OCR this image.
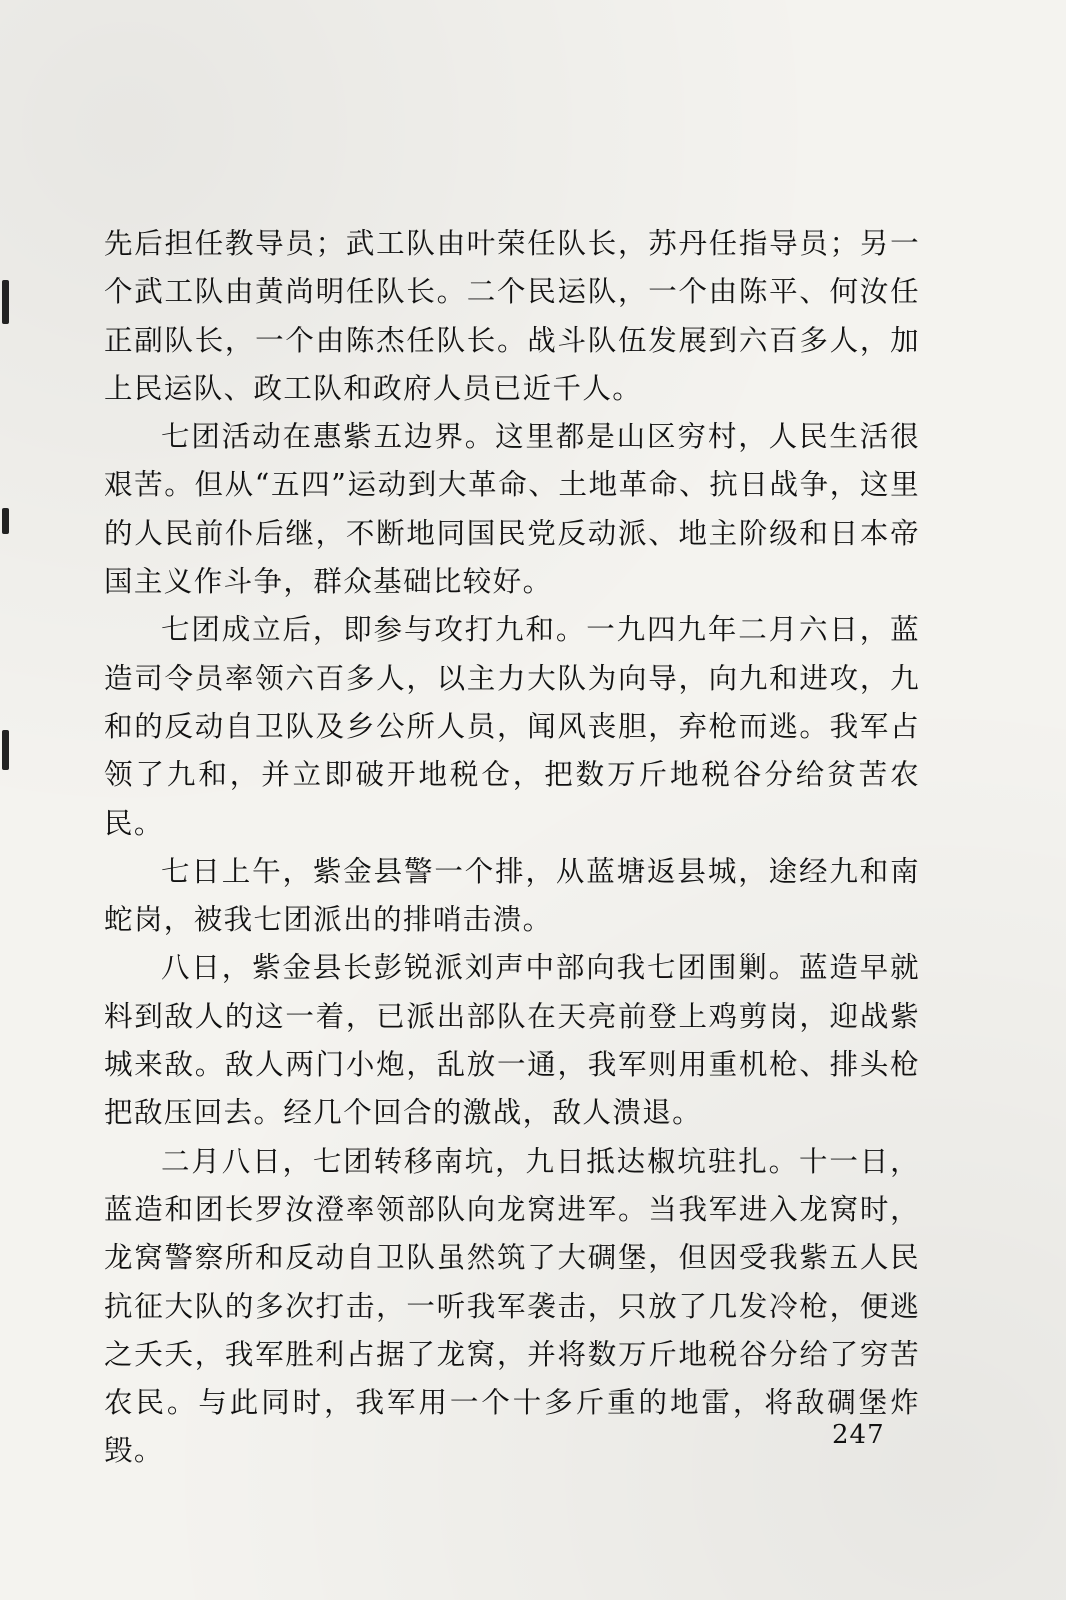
先后担任教导员；武工队由叶荣任队长，苏丹任指导员；另一个武工队由黄尚明任队长。二个民运队，一个由陈平、何汝任正副队长，一个由陈杰任队长。战斗队伍发展到六百多人，加上民运队、政工队和政府人员已近千人。

七团活动在惠紫五边界。这里都是山区穷村，人民生活很艰苦。但从“五四”运动到大革命、土地革命、抗日战争，这里的人民前仆后继，不断地同国民党反动派、地主阶级和日本帝国主义作斗争，群众基础比较好。

七团成立后，即参与攻打九和。一九四九年二月六日，蓝造司令员率领六百多人，以主力大队为向导，向九和进攻，九和的反动自卫队及乡公所人员，闻风丧胆，弃枪而逃。我军占领了九和，并立即破开地税仓，把数万斤地税谷分给贫苦农民。

七日上午，紫金县警一个排，从蓝塘返县城，途经九和南蛇岗，被我七团派出的排哨击溃。

八日，紫金县长彭锐派刘声中部向我七团围剿。蓝造早就料到敌人的这一着，已派出部队在天亮前登上鸡剪岗，迎战紫城来敌。敌人两门小炮，乱放一通，我军则用重机枪、排头枪把敌压回去。经几个回合的激战，敌人溃退。

二月八日，七团转移南坑，九日抵达椒坑驻扎。十一日，蓝造和团长罗汝澄率领部队向龙窝进军。当我军进入龙窝时，龙窝警察所和反动自卫队虽然筑了大碉堡，但因受我紫五人民抗征大队的多次打击，一听我军袭击，只放了几发冷枪，便逃之夭夭，我军胜利占据了龙窝，并将数万斤地税谷分给了穷苦农民。与此同时，我军用一个十多斤重的地雷，将敌碉堡炸毁。	247
